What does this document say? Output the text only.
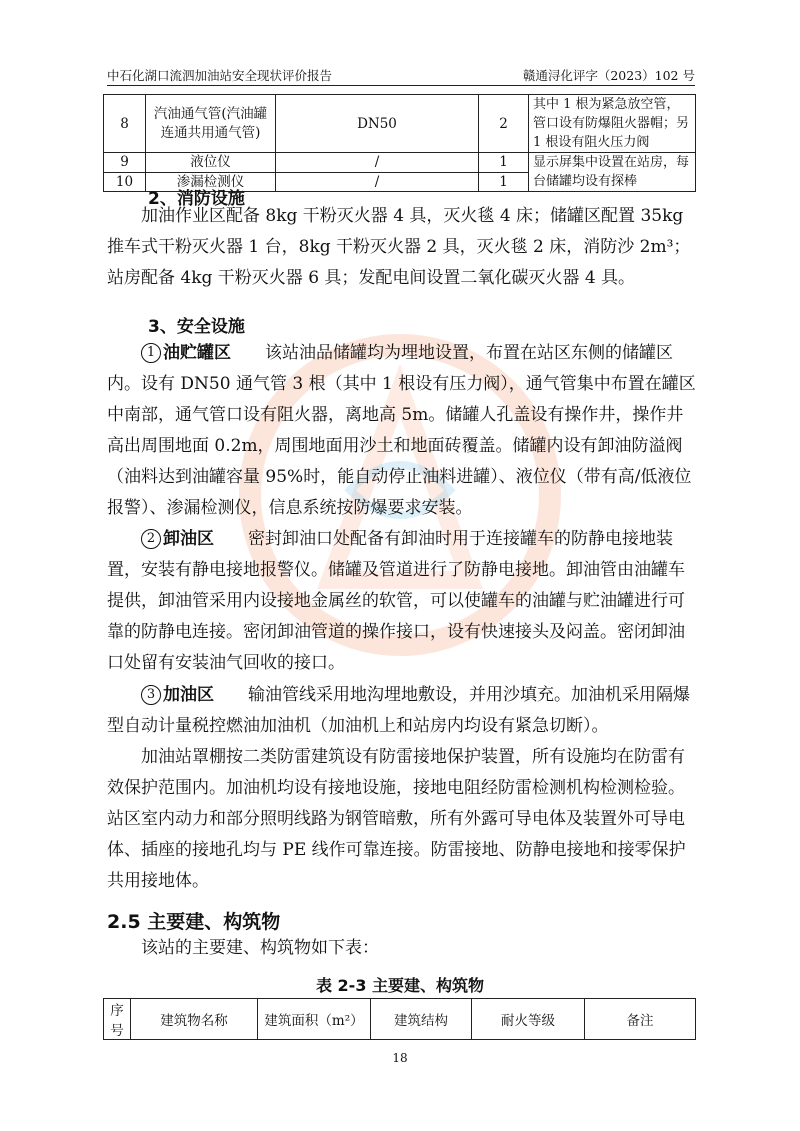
中石化湖口流泗加油站安全现状评价报告	赣通浔化评字（2023）102 号
8	汽油通气管(汽油罐连通共用通气管)	DN50	2	其中 1 根为紧急放空管，管口设有防爆阻火器帽；另 1 根设有阻火压力阀
9	液位仪	/	1	显示屏集中设置在站房，每台储罐均设有探棒
10	渗漏检测仪	/	1	
2、消防设施

加油作业区配备 8kg 干粉灭火器 4 具，灭火毯 4 床；储罐区配置 35kg 推车式干粉灭火器 1 台，8kg 干粉灭火器 2 具，灭火毯 2 床，消防沙 2m³；站房配备 4kg 干粉灭火器 6 具；发配电间设置二氧化碳灭火器 4 具。

3、安全设施

1 油贮罐区　　 该站油品储罐均为埋地设置，布置在站区东侧的储罐区内。设有 DN50 通气管 3 根（其中 1 根设有压力阀），通气管集中布置在罐区中南部，通气管口设有阻火器，离地高 5m。储罐人孔盖设有操作井，操作井高出周围地面 0.2m，周围地面用沙土和地面砖覆盖。储罐内设有卸油防溢阀（油料达到油罐容量 95%时，能自动停止油料进罐）、液位仪（带有高/低液位报警）、渗漏检测仪，信息系统按防爆要求安装。

2 卸油区　　 密封卸油口处配备有卸油时用于连接罐车的防静电接地装置，安装有静电接地报警仪。储罐及管道进行了防静电接地。卸油管由油罐车提供，卸油管采用内设接地金属丝的软管，可以使罐车的油罐与贮油罐进行可靠的防静电连接。密闭卸油管道的操作接口，设有快速接头及闷盖。密闭卸油口处留有安装油气回收的接口。

3 加油区　　 输油管线采用地沟埋地敷设，并用沙填充。加油机采用隔爆型自动计量税控燃油加油机（加油机上和站房内均设有紧急切断）。

加油站罩棚按二类防雷建筑设有防雷接地保护装置，所有设施均在防雷有效保护范围内。加油机均设有接地设施，接地电阻经防雷检测机构检测检验。站区室内动力和部分照明线路为钢管暗敷，所有外露可导电体及装置外可导电体、插座的接地孔均与 PE 线作可靠连接。防雷接地、防静电接地和接零保护共用接地体。

2.5 主要建、构筑物

该站的主要建、构筑物如下表：

表 2-3 主要建、构筑物
序号	建筑物名称	建筑面积（m²）	建筑结构	耐火等级	备注
18
